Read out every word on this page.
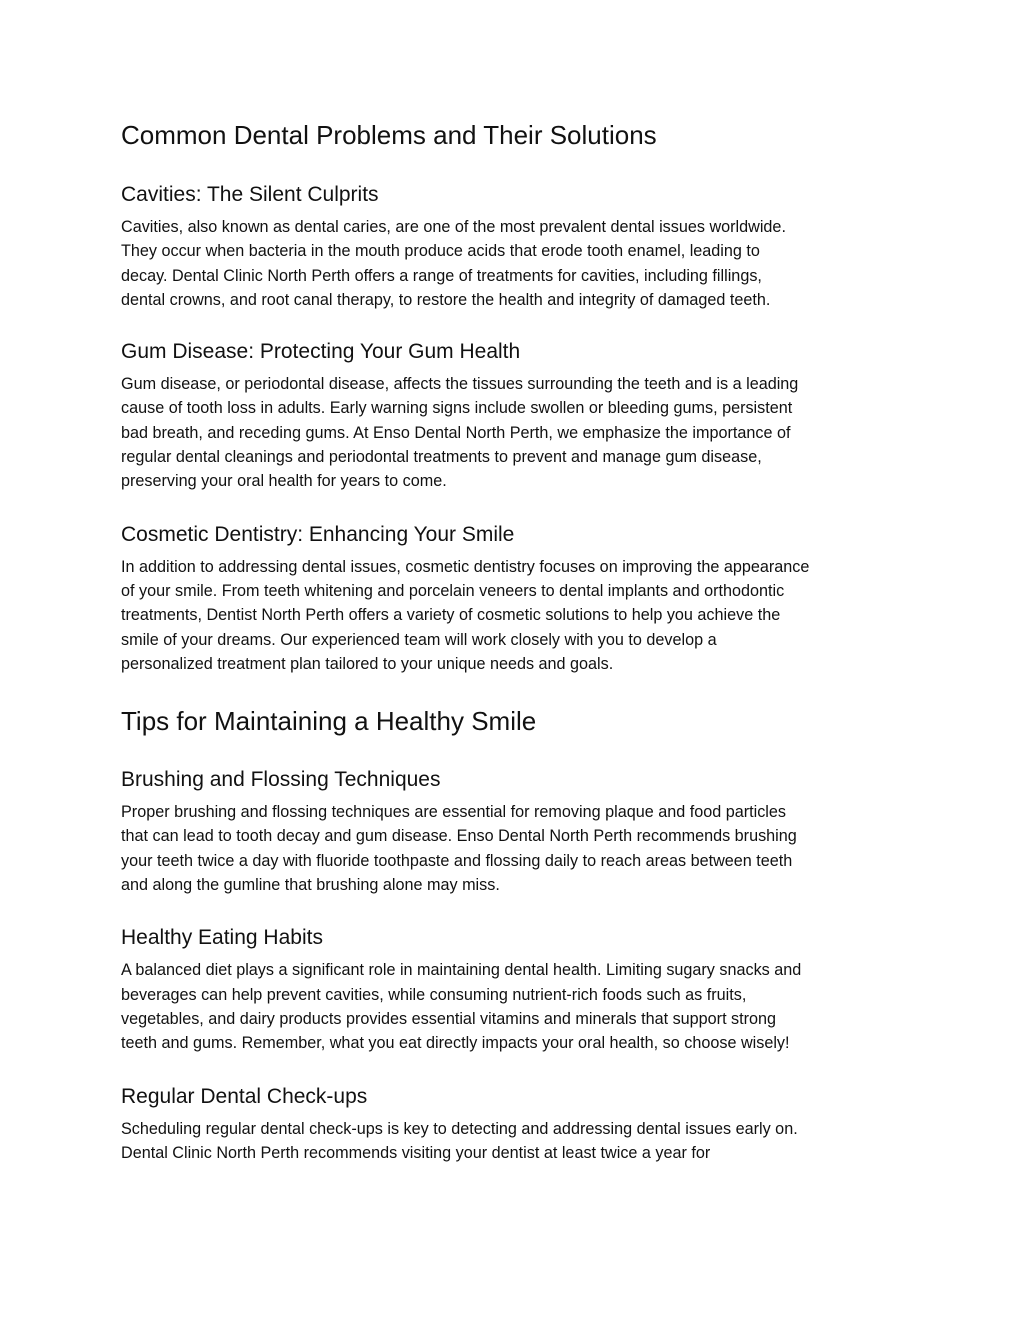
Common Dental Problems and Their Solutions
Cavities: The Silent Culprits

Cavities, also known as dental caries, are one of the most prevalent dental issues worldwide.
They occur when bacteria in the mouth produce acids that erode tooth enamel, leading to
decay. Dental Clinic North Perth offers a range of treatments for cavities, including fillings,
dental crowns, and root canal therapy, to restore the health and integrity of damaged teeth.

Gum Disease: Protecting Your Gum Health

Gum disease, or periodontal disease, affects the tissues surrounding the teeth and is a leading
cause of tooth loss in adults. Early warning signs include swollen or bleeding gums, persistent
bad breath, and receding gums. At Enso Dental North Perth, we emphasize the importance of
regular dental cleanings and periodontal treatments to prevent and manage gum disease,
preserving your oral health for years to come.

Cosmetic Dentistry: Enhancing Your Smile

In addition to addressing dental issues, cosmetic dentistry focuses on improving the appearance
of your smile. From teeth whitening and porcelain veneers to dental implants and orthodontic
treatments, Dentist North Perth offers a variety of cosmetic solutions to help you achieve the
smile of your dreams. Our experienced team will work closely with you to develop a
personalized treatment plan tailored to your unique needs and goals.

Tips for Maintaining a Healthy Smile
Brushing and Flossing Techniques

Proper brushing and flossing techniques are essential for removing plaque and food particles
that can lead to tooth decay and gum disease. Enso Dental North Perth recommends brushing
your teeth twice a day with fluoride toothpaste and flossing daily to reach areas between teeth
and along the gumline that brushing alone may miss.

Healthy Eating Habits

A balanced diet plays a significant role in maintaining dental health. Limiting sugary snacks and
beverages can help prevent cavities, while consuming nutrient-rich foods such as fruits,
vegetables, and dairy products provides essential vitamins and minerals that support strong
teeth and gums. Remember, what you eat directly impacts your oral health, so choose wisely!

Regular Dental Check-ups

Scheduling regular dental check-ups is key to detecting and addressing dental issues early on.
Dental Clinic North Perth recommends visiting your dentist at least twice a year for
